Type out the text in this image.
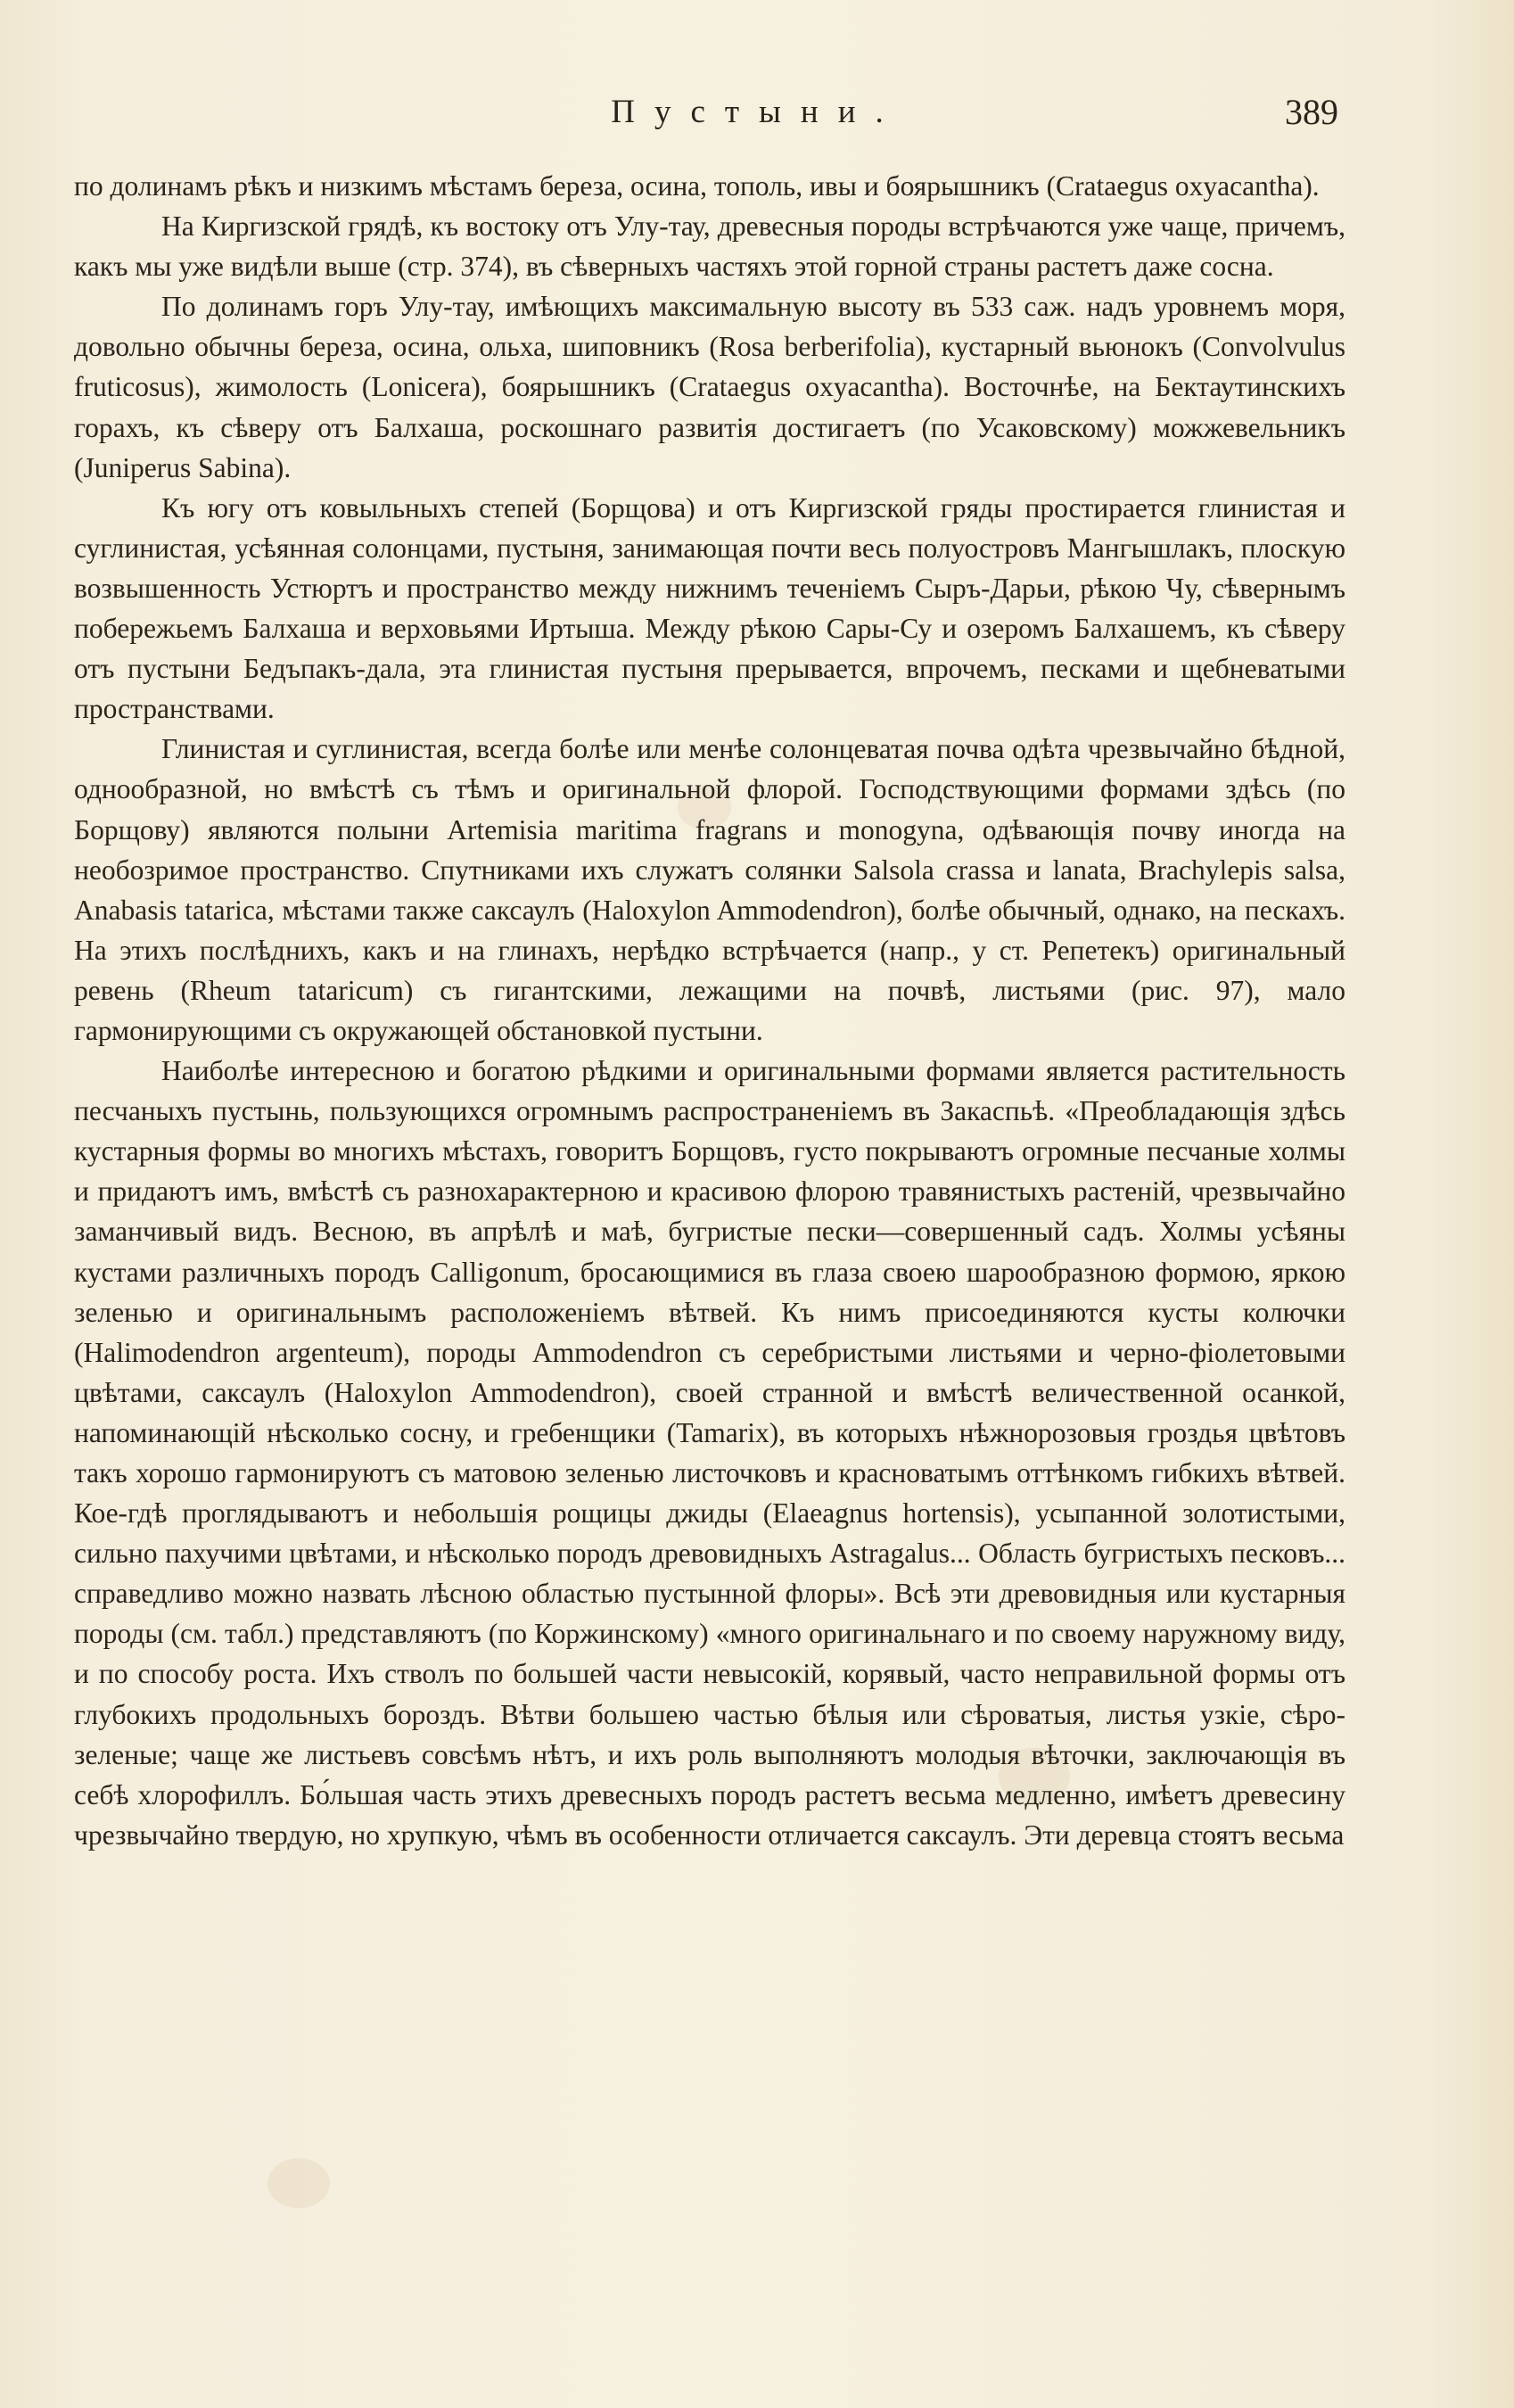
Пустыни.	389

по долинамъ рѣкъ и низкимъ мѣстамъ береза, осина, тополь, ивы и боярышникъ (Crataegus oxyacantha).

На Киргизской грядѣ, къ востоку отъ Улу-тау, древесныя породы встрѣчаются уже чаще, причемъ, какъ мы уже видѣли выше (стр. 374), въ сѣверныхъ частяхъ этой горной страны растетъ даже сосна.

По долинамъ горъ Улу-тау, имѣющихъ максимальную высоту въ 533 саж. надъ уровнемъ моря, довольно обычны береза, осина, ольха, шиповникъ (Rosa berberifolia), кустарный вьюнокъ (Convolvulus fruticosus), жимолость (Lonicera), боярышникъ (Crataegus oxyacantha). Восточнѣе, на Бектаутинскихъ горахъ, къ сѣверу отъ Балхаша, роскошнаго развитія достигаетъ (по Усаковскому) можжевельникъ (Juniperus Sabina).

Къ югу отъ ковыльныхъ степей (Борщова) и отъ Киргизской гряды простирается глинистая и суглинистая, усѣянная солонцами, пустыня, занимающая почти весь полуостровъ Мангышлакъ, плоскую возвышенность Устюртъ и пространство между нижнимъ теченіемъ Сыръ-Дарьи, рѣкою Чу, сѣвернымъ побережьемъ Балхаша и верховьями Иртыша. Между рѣкою Сары-Су и озеромъ Балхашемъ, къ сѣверу отъ пустыни Бедъпакъ-дала, эта глинистая пустыня прерывается, впрочемъ, песками и щебневатыми пространствами.

Глинистая и суглинистая, всегда болѣе или менѣе солонцеватая почва одѣта чрезвычайно бѣдной, однообразной, но вмѣстѣ съ тѣмъ и оригинальной флорой. Господствующими формами здѣсь (по Борщову) являются полыни Artemisia maritima fragrans и monogyna, одѣвающія почву иногда на необозримое пространство. Спутниками ихъ служатъ солянки Salsola crassa и lanata, Brachylepis salsa, Anabasis tatarica, мѣстами также саксаулъ (Haloxylon Ammodendron), болѣе обычный, однако, на пескахъ. На этихъ послѣднихъ, какъ и на глинахъ, нерѣдко встрѣчается (напр., у ст. Репетекъ) оригинальный ревень (Rheum tataricum) съ гигантскими, лежащими на почвѣ, листьями (рис. 97), мало гармонирующими съ окружающей обстановкой пустыни.

Наиболѣе интересною и богатою рѣдкими и оригинальными формами является растительность песчаныхъ пустынь, пользующихся огромнымъ распространеніемъ въ Закаспьѣ. «Преобладающія здѣсь кустарныя формы во многихъ мѣстахъ, говоритъ Борщовъ, густо покрываютъ огромные песчаные холмы и придаютъ имъ, вмѣстѣ съ разнохарактерною и красивою флорою травянистыхъ растеній, чрезвычайно заманчивый видъ. Весною, въ апрѣлѣ и маѣ, бугристые пески—совершенный садъ. Холмы усѣяны кустами различныхъ породъ Calligonum, бросающимися въ глаза своею шарообразною формою, яркою зеленью и оригинальнымъ расположеніемъ вѣтвей. Къ нимъ присоединяются кусты колючки (Halimodendron argenteum), породы Ammodendron съ серебристыми листьями и черно-фіолетовыми цвѣтами, саксаулъ (Haloxylon Ammodendron), своей странной и вмѣстѣ величественной осанкой, напоминающій нѣсколько сосну, и гребенщики (Tamarix), въ которыхъ нѣжнорозовыя гроздья цвѣтовъ такъ хорошо гармонируютъ съ матовою зеленью листочковъ и красноватымъ оттѣнкомъ гибкихъ вѣтвей. Кое-гдѣ проглядываютъ и небольшія рощицы джиды (Elaeagnus hortensis), усыпанной золотистыми, сильно пахучими цвѣтами, и нѣсколько породъ древовидныхъ Astragalus... Область бугристыхъ песковъ... справедливо можно назвать лѣсною областью пустынной флоры». Всѣ эти древовидныя или кустарныя породы (см. табл.) представляютъ (по Коржинскому) «много оригинальнаго и по своему наружному виду, и по способу роста. Ихъ стволъ по большей части невысокій, корявый, часто неправильной формы отъ глубокихъ продольныхъ бороздъ. Вѣтви большею частью бѣлыя или сѣроватыя, листья узкіе, сѣро-зеленые; чаще же листьевъ совсѣмъ нѣтъ, и ихъ роль выполняютъ молодыя вѣточки, заключающія въ себѣ хлорофиллъ. Бо́льшая часть этихъ древесныхъ породъ растетъ весьма медленно, имѣетъ древесину чрезвычайно твердую, но хрупкую, чѣмъ въ особенности отличается саксаулъ. Эти деревца стоятъ весьма
